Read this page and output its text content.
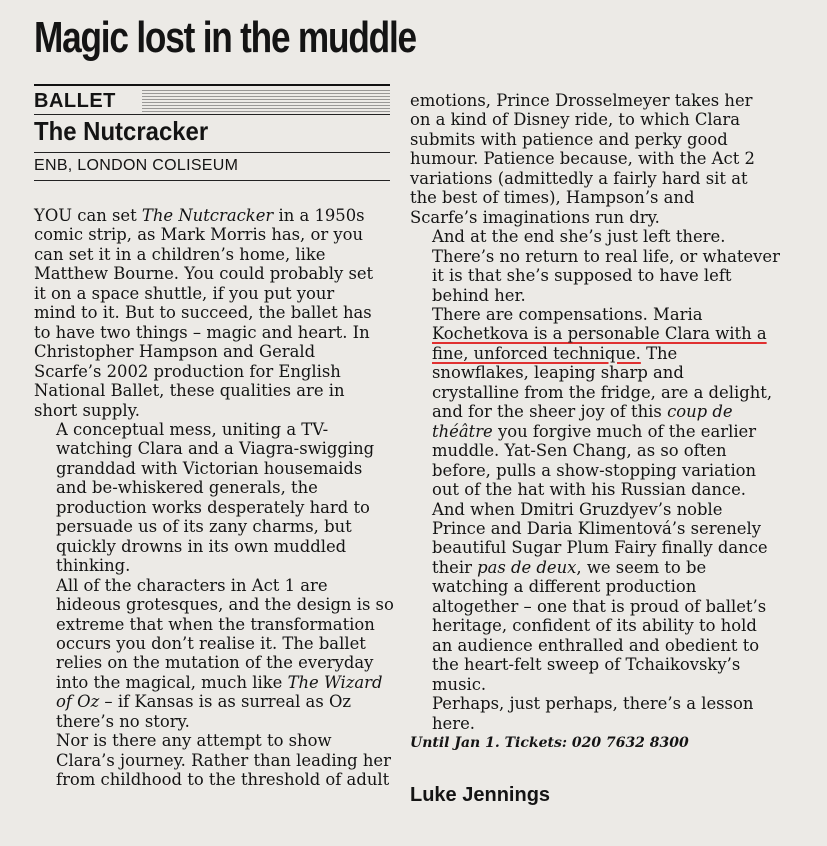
Magic lost in the muddle
BALLET
The Nutcracker
ENB, LONDON COLISEUM

YOU can set The Nutcracker in a 1950s
comic strip, as Mark Morris has, or you
can set it in a children’s home, like
Matthew Bourne. You could probably set
it on a space shuttle, if you put your
mind to it. But to succeed, the ballet has
to have two things – magic and heart. In
Christopher Hampson and Gerald
Scarfe’s 2002 production for English
National Ballet, these qualities are in
short supply.

A conceptual mess, uniting a TV-
watching Clara and a Viagra-swigging
granddad with Victorian housemaids
and be-whiskered generals, the
production works desperately hard to
persuade us of its zany charms, but
quickly drowns in its own muddled
thinking.

All of the characters in Act 1 are
hideous grotesques, and the design is so
extreme that when the transformation
occurs you don’t realise it. The ballet
relies on the mutation of the everyday
into the magical, much like The Wizard
of Oz – if Kansas is as surreal as Oz
there’s no story.

Nor is there any attempt to show
Clara’s journey. Rather than leading her
from childhood to the threshold of adult

emotions, Prince Drosselmeyer takes her
on a kind of Disney ride, to which Clara
submits with patience and perky good
humour. Patience because, with the Act 2
variations (admittedly a fairly hard sit at
the best of times), Hampson’s and
Scarfe’s imaginations run dry.

And at the end she’s just left there.
There’s no return to real life, or whatever
it is that she’s supposed to have left
behind her.

There are compensations. Maria
Kochetkova is a personable Clara with a
fine, unforced technique. The
snowflakes, leaping sharp and
crystalline from the fridge, are a delight,
and for the sheer joy of this coup de
théâtre you forgive much of the earlier
muddle. Yat-Sen Chang, as so often
before, pulls a show-stopping variation
out of the hat with his Russian dance.

And when Dmitri Gruzdyev’s noble
Prince and Daria Klimentová’s serenely
beautiful Sugar Plum Fairy finally dance
their pas de deux, we seem to be
watching a different production
altogether – one that is proud of ballet’s
heritage, confident of its ability to hold
an audience enthralled and obedient to
the heart-felt sweep of Tchaikovsky’s
music.

Perhaps, just perhaps, there’s a lesson
here.

Until Jan 1. Tickets: 020 7632 8300
Luke Jennings
